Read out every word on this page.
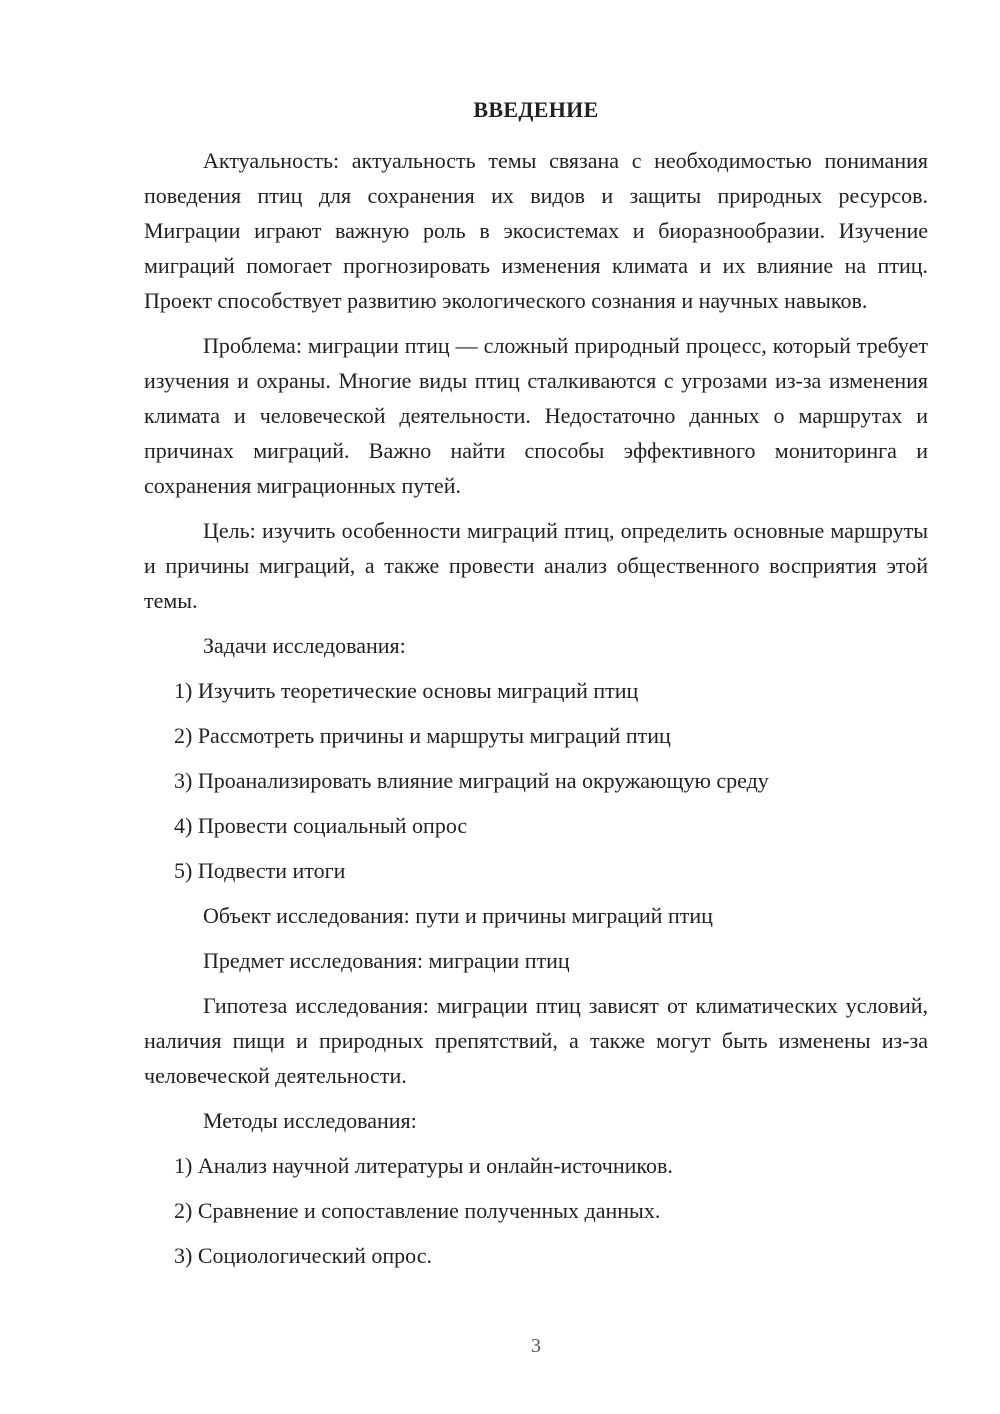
ВВЕДЕНИЕ

Актуальность: актуальность темы связана с необходимостью понимания поведения птиц для сохранения их видов и защиты природных ресурсов. Миграции играют важную роль в экосистемах и биоразнообразии. Изучение миграций помогает прогнозировать изменения климата и их влияние на птиц. Проект способствует развитию экологического сознания и научных навыков.

Проблема: миграции птиц — сложный природный процесс, который требует изучения и охраны. Многие виды птиц сталкиваются с угрозами из-за изменения климата и человеческой деятельности. Недостаточно данных о маршрутах и причинах миграций. Важно найти способы эффективного мониторинга и сохранения миграционных путей.

Цель: изучить особенности миграций птиц, определить основные маршруты и причины миграций, а также провести анализ общественного восприятия этой темы.

Задачи исследования:

1) Изучить теоретические основы миграций птиц

2) Рассмотреть причины и маршруты миграций птиц

3) Проанализировать влияние миграций на окружающую среду

4) Провести социальный опрос

5) Подвести итоги

Объект исследования: пути и причины миграций птиц

Предмет исследования: миграции птиц

Гипотеза исследования: миграции птиц зависят от климатических условий, наличия пищи и природных препятствий, а также могут быть изменены из-за человеческой деятельности.

Методы исследования:

1) Анализ научной литературы и онлайн-источников.

2) Сравнение и сопоставление полученных данных.

3) Социологический опрос.

3
